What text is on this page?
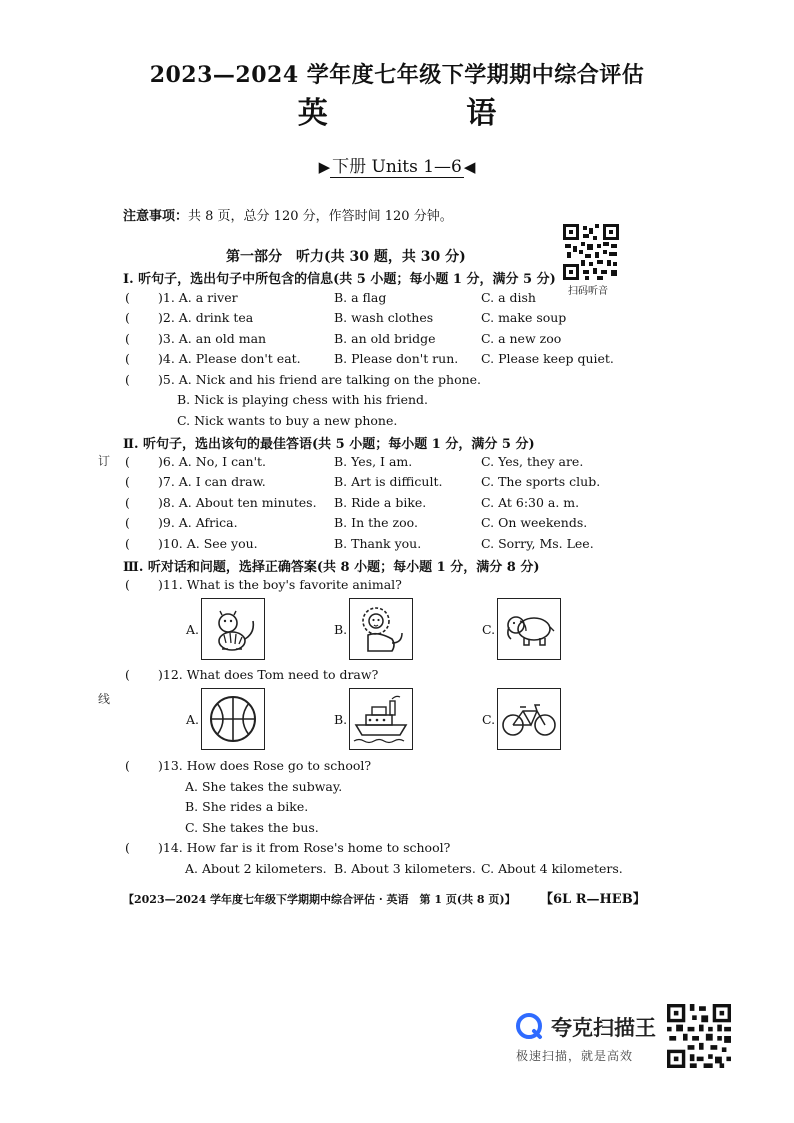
2023—2024 学年度七年级下学期期中综合评估
英 语
▶ 下册 Units 1—6 ◀
注意事项：共 8 页，总分 120 分，作答时间 120 分钟。
扫码听音
第一部分　听力(共 30 题，共 30 分)
Ⅰ. 听句子，选出句子中所包含的信息(共 5 小题；每小题 1 分，满分 5 分)
( )1. A. a river	B. a flag	C. a dish
( )2. A. drink tea	B. wash clothes	C. make soup
( )3. A. an old man	B. an old bridge	C. a new zoo
( )4. A. Please don't eat.	B. Please don't run. C. Please keep quiet.
( )5. A. Nick and his friend are talking on the phone.
B. Nick is playing chess with his friend.
C. Nick wants to buy a new phone.
Ⅱ. 听句子，选出该句的最佳答语(共 5 小题；每小题 1 分，满分 5 分)
( )6. A. No, I can't.	B. Yes, I am.	C. Yes, they are.
( )7. A. I can draw.	B. Art is difficult.	C. The sports club.
( )8. A. About ten minutes. B. Ride a bike.	C. At 6:30 a. m.
( )9. A. Africa.	B. In the zoo.	C. On weekends.
( )10. A. See you.	B. Thank you.	C. Sorry, Ms. Lee.
Ⅲ. 听对话和问题，选择正确答案(共 8 小题；每小题 1 分，满分 8 分)
( )11. What is the boy's favorite animal?
A.	B.	C.
( )12. What does Tom need to draw?
A.	B.	C.
( )13. How does Rose go to school?
A. She takes the subway.
B. She rides a bike.
C. She takes the bus.
( )14. How far is it from Rose's home to school?
A. About 2 kilometers. B. About 3 kilometers. C. About 4 kilometers.
【2023—2024 学年度七年级下学期期中综合评估 · 英语　第 1 页(共 8 页)】 【6L R—HEB】
订
线
夸克扫描王
极速扫描，就是高效
